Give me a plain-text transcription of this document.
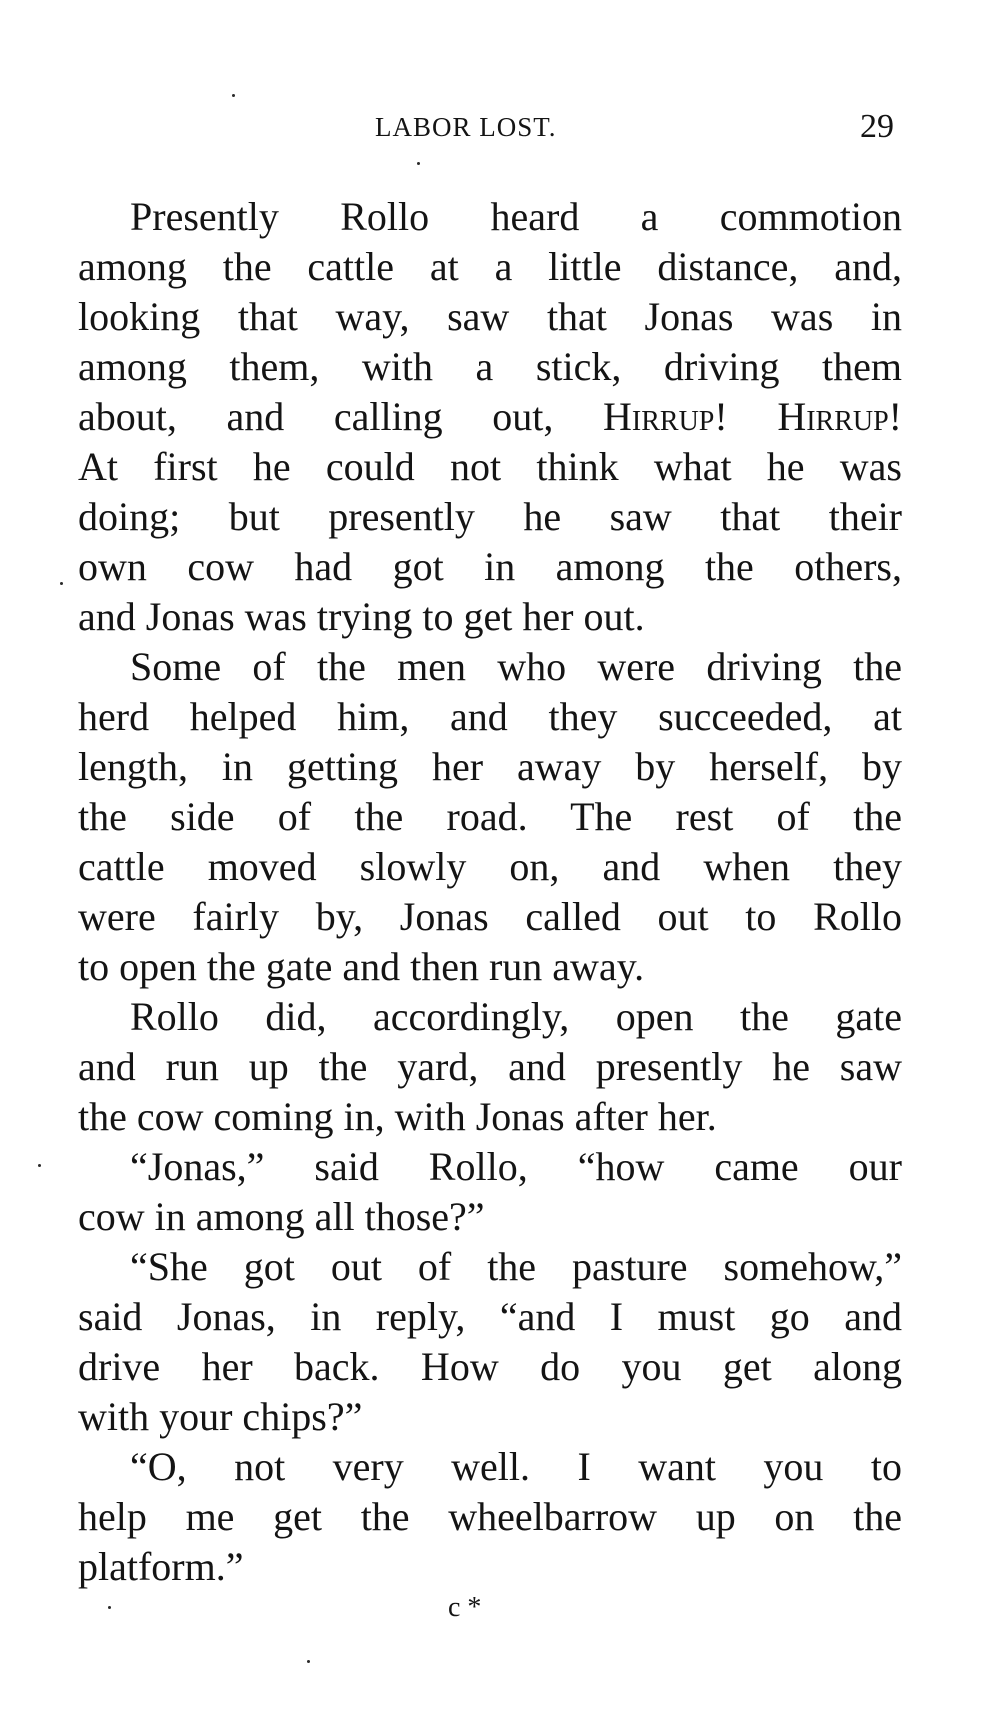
LABOR LOST.	29
Presently Rollo heard a commotion
among the cattle at a little distance, and,
looking that way, saw that Jonas was in
among them, with a stick, driving them
about, and calling out, Hirrup! Hirrup!
At first he could not think what he was
doing; but presently he saw that their
own cow had got in among the others,
and Jonas was trying to get her out.
Some of the men who were driving the
herd helped him, and they succeeded, at
length, in getting her away by herself, by
the side of the road. The rest of the
cattle moved slowly on, and when they
were fairly by, Jonas called out to Rollo
to open the gate and then run away.
Rollo did, accordingly, open the gate
and run up the yard, and presently he saw
the cow coming in, with Jonas after her.
“Jonas,” said Rollo, “how came our
cow in among all those?”
“She got out of the pasture somehow,”
said Jonas, in reply, “and I must go and
drive her back. How do you get along
with your chips?”
“O, not very well. I want you to
help me get the wheelbarrow up on the
platform.”
c *
